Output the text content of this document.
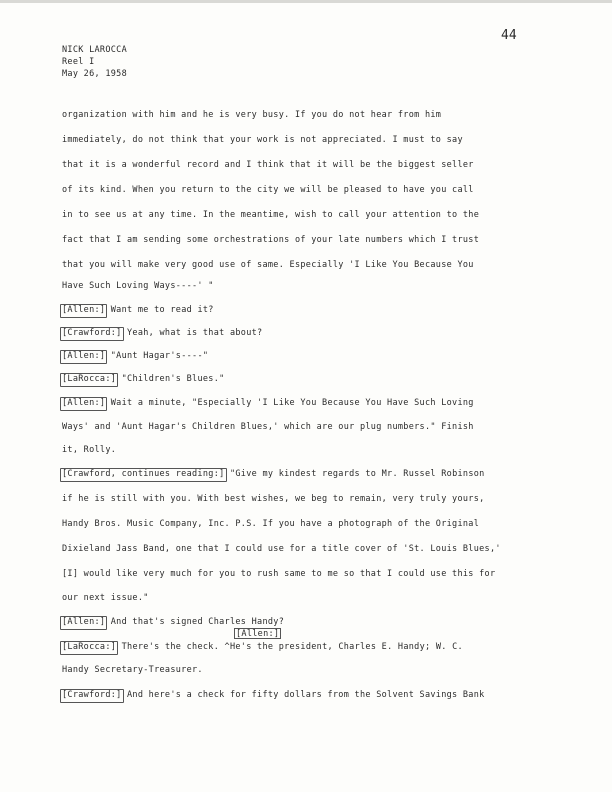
44
NICK LAROCCA
Reel I
May 26, 1958
organization with him and he is very busy. If you do not hear from him
immediately, do not think that your work is not appreciated. I must to say
that it is a wonderful record and I think that it will be the biggest seller
of its kind. When you return to the city we will be pleased to have you call
in to see us at any time. In the meantime, wish to call your attention to the
fact that I am sending some orchestrations of your late numbers which I trust
that you will make very good use of same. Especially 'I Like You Because You
Have Such Loving Ways----' "
[Allen:] Want me to read it?
[Crawford:] Yeah, what is that about?
[Allen:] "Aunt Hagar's----"
[LaRocca:] "Children's Blues."
[Allen:] Wait a minute, "Especially 'I Like You Because You Have Such Loving
Ways' and 'Aunt Hagar's Children Blues,' which are our plug numbers." Finish
it, Rolly.
[Crawford, continues reading:] "Give my kindest regards to Mr. Russel Robinson
if he is still with you. With best wishes, we beg to remain, very truly yours,
Handy Bros. Music Company, Inc. P.S. If you have a photograph of the Original
Dixieland Jass Band, one that I could use for a title cover of 'St. Louis Blues,'
[I] would like very much for you to rush same to me so that I could use this for
our next issue."
[Allen:] And that's signed Charles Handy?
[LaRocca:] There's the check. ^He's the president, Charles E. Handy; W. C.
Handy Secretary-Treasurer.
[Crawford:] And here's a check for fifty dollars from the Solvent Savings Bank
[Allen:]
